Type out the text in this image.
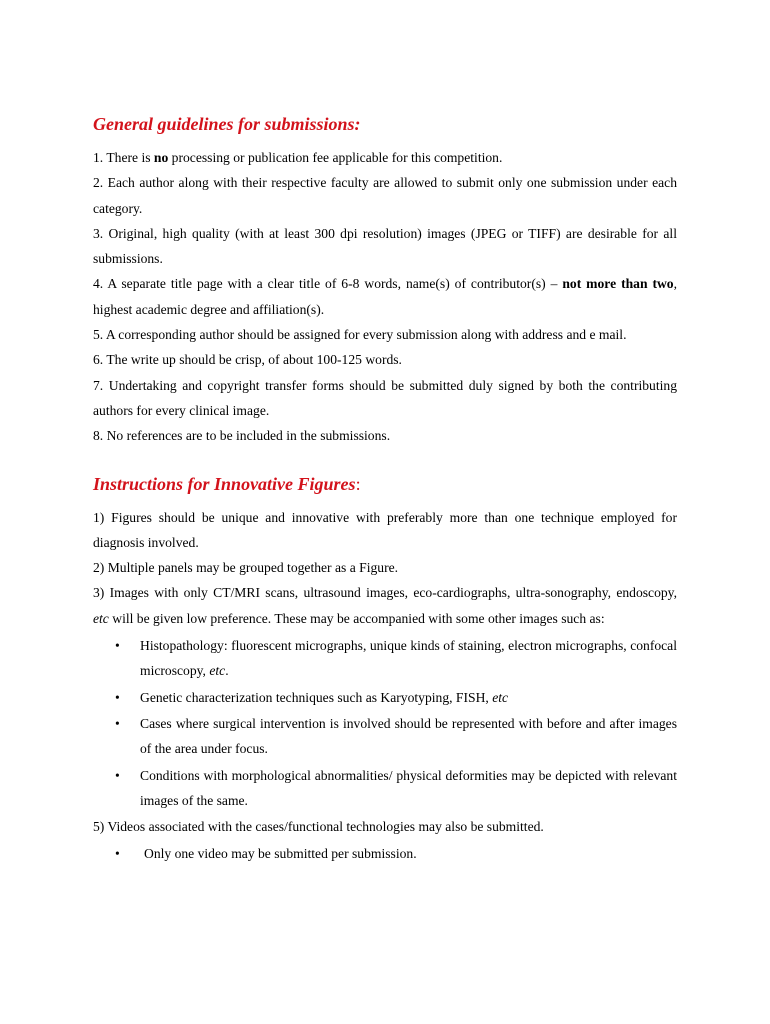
General guidelines for submissions:

1. There is no processing or publication fee applicable for this competition.

2. Each author along with their respective faculty are allowed to submit only one submission under each category.

3. Original, high quality (with at least 300 dpi resolution) images (JPEG or TIFF) are desirable for all submissions.

4. A separate title page with a clear title of 6-8 words, name(s) of contributor(s) – not more than two, highest academic degree and affiliation(s).

5. A corresponding author should be assigned for every submission along with address and e mail.

6. The write up should be crisp, of about 100-125 words.

7. Undertaking and copyright transfer forms should be submitted duly signed by both the contributing authors for every clinical image.

8. No references are to be included in the submissions.

Instructions for Innovative Figures:

1) Figures should be unique and innovative with preferably more than one technique employed for diagnosis involved.

2) Multiple panels may be grouped together as a Figure.

3) Images with only CT/MRI scans, ultrasound images, eco-cardiographs, ultra-sonography, endoscopy, etc will be given low preference. These may be accompanied with some other images such as:

• Histopathology: fluorescent micrographs, unique kinds of staining, electron micrographs, confocal microscopy, etc.
• Genetic characterization techniques such as Karyotyping, FISH, etc
• Cases where surgical intervention is involved should be represented with before and after images of the area under focus.
• Conditions with morphological abnormalities/ physical deformities may be depicted with relevant images of the same.

5) Videos associated with the cases/functional technologies may also be submitted.

• Only one video may be submitted per submission.
